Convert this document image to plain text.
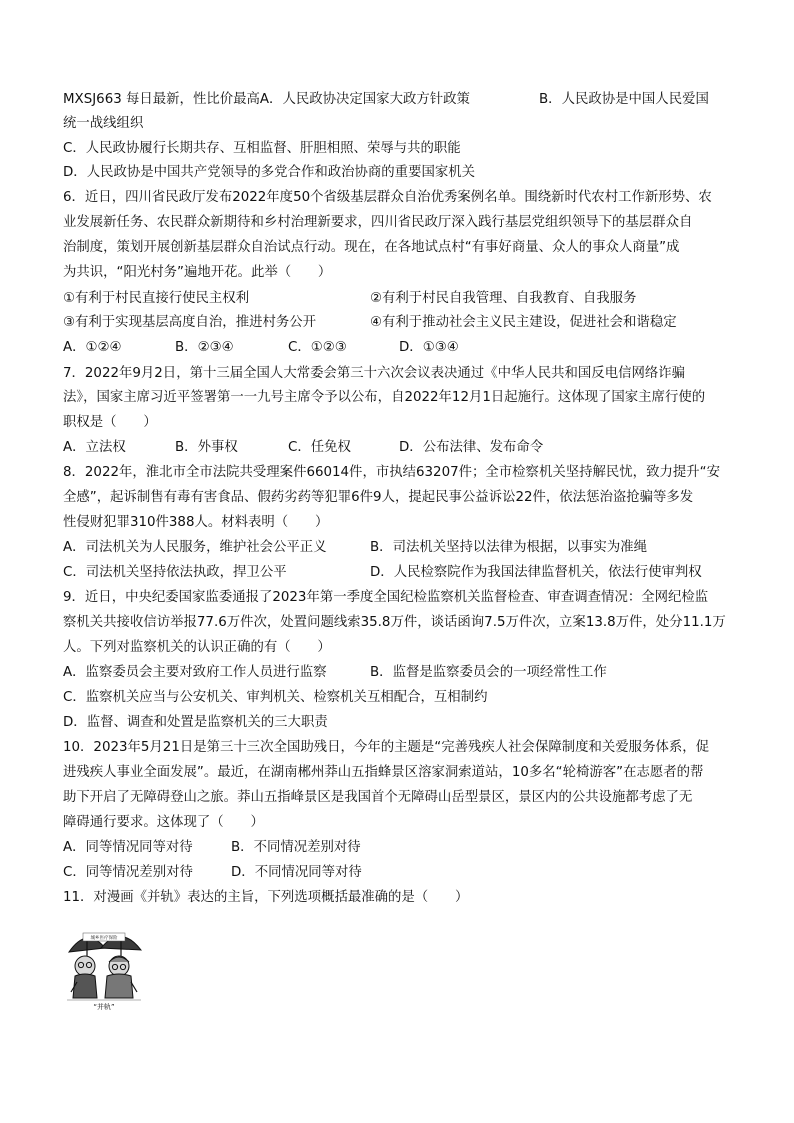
MXSJ663 每日最新，性比价最高A．人民政协决定国家大政方针政策	B．人民政协是中国人民爱国
统一战线组织
C．人民政协履行长期共存、互相监督、肝胆相照、荣辱与共的职能
D．人民政协是中国共产党领导的多党合作和政治协商的重要国家机关
6．近日，四川省民政厅发布2022年度50个省级基层群众自治优秀案例名单。围绕新时代农村工作新形势、农
业发展新任务、农民群众新期待和乡村治理新要求，四川省民政厅深入践行基层党组织领导下的基层群众自
治制度，策划开展创新基层群众自治试点行动。现在，在各地试点村“有事好商量、众人的事众人商量”成
为共识，“阳光村务”遍地开花。此举（　　）
①有利于村民直接行使民主权利	②有利于村民自我管理、自我教育、自我服务
③有利于实现基层高度自治，推进村务公开	④有利于推动社会主义民主建设，促进社会和谐稳定
A．①②④	B．②③④	C．①②③	D．①③④
7．2022年9月2日，第十三届全国人大常委会第三十六次会议表决通过《中华人民共和国反电信网络诈骗
法》，国家主席习近平签署第一一九号主席令予以公布，自2022年12月1日起施行。这体现了国家主席行使的
职权是（　　）
A．立法权	B．外事权	C．任免权	D．公布法律、发布命令
8．2022年，淮北市全市法院共受理案件66014件，市执结63207件；全市检察机关坚持解民忧，致力提升“安
全感”，起诉制售有毒有害食品、假药劣药等犯罪6件9人，提起民事公益诉讼22件，依法惩治盗抢骗等多发
性侵财犯罪310件388人。材料表明（　　）
A．司法机关为人民服务，维护社会公平正义	B．司法机关坚持以法律为根据，以事实为准绳
C．司法机关坚持依法执政，捍卫公平	D．人民检察院作为我国法律监督机关，依法行使审判权
9．近日，中央纪委国家监委通报了2023年第一季度全国纪检监察机关监督检查、审查调查情况：全网纪检监
察机关共接收信访举报77.6万件次，处置问题线索35.8万件，谈话函询7.5万件次，立案13.8万件，处分11.1万
人。下列对监察机关的认识正确的有（　　）
A．监察委员会主要对致府工作人员进行监察	B．监督是监察委员会的一项经常性工作
C．监察机关应当与公安机关、审判机关、检察机关互相配合，互相制约
D．监督、调查和处置是监察机关的三大职责
10．2023年5月21日是第三十三次全国助残日，今年的主题是“完善残疾人社会保障制度和关爱服务体系，促
进残疾人事业全面发展”。最近，在湖南郴州莽山五指蜂景区溶家洞索道站，10多名“轮椅游客”在志愿者的帮
助下开启了无障碍登山之旅。莽山五指峰景区是我国首个无障碍山岳型景区，景区内的公共设施都考虑了无
障碍通行要求。这体现了（　　）
A．同等情况同等对待	B．不同情况差别对待
C．同等情况差别对待	D．不同情况同等对待
11．对漫画《并轨》表达的主旨，下列选项概括最准确的是（　　）
城乡医疗保险
“并轨”
